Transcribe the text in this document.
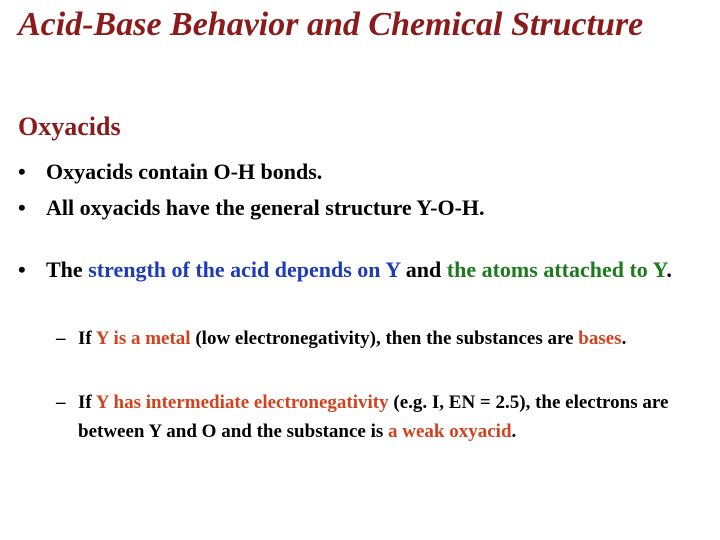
Acid-Base Behavior and Chemical Structure
Oxyacids
• Oxyacids contain O-H bonds.
• All oxyacids have the general structure Y-O-H.
• The strength of the acid depends on Y and the atoms attached to Y.
– If Y is a metal (low electronegativity), then the substances are bases.
– If Y has intermediate electronegativity (e.g. I, EN = 2.5), the electrons are between Y and O and the substance is a weak oxyacid.
